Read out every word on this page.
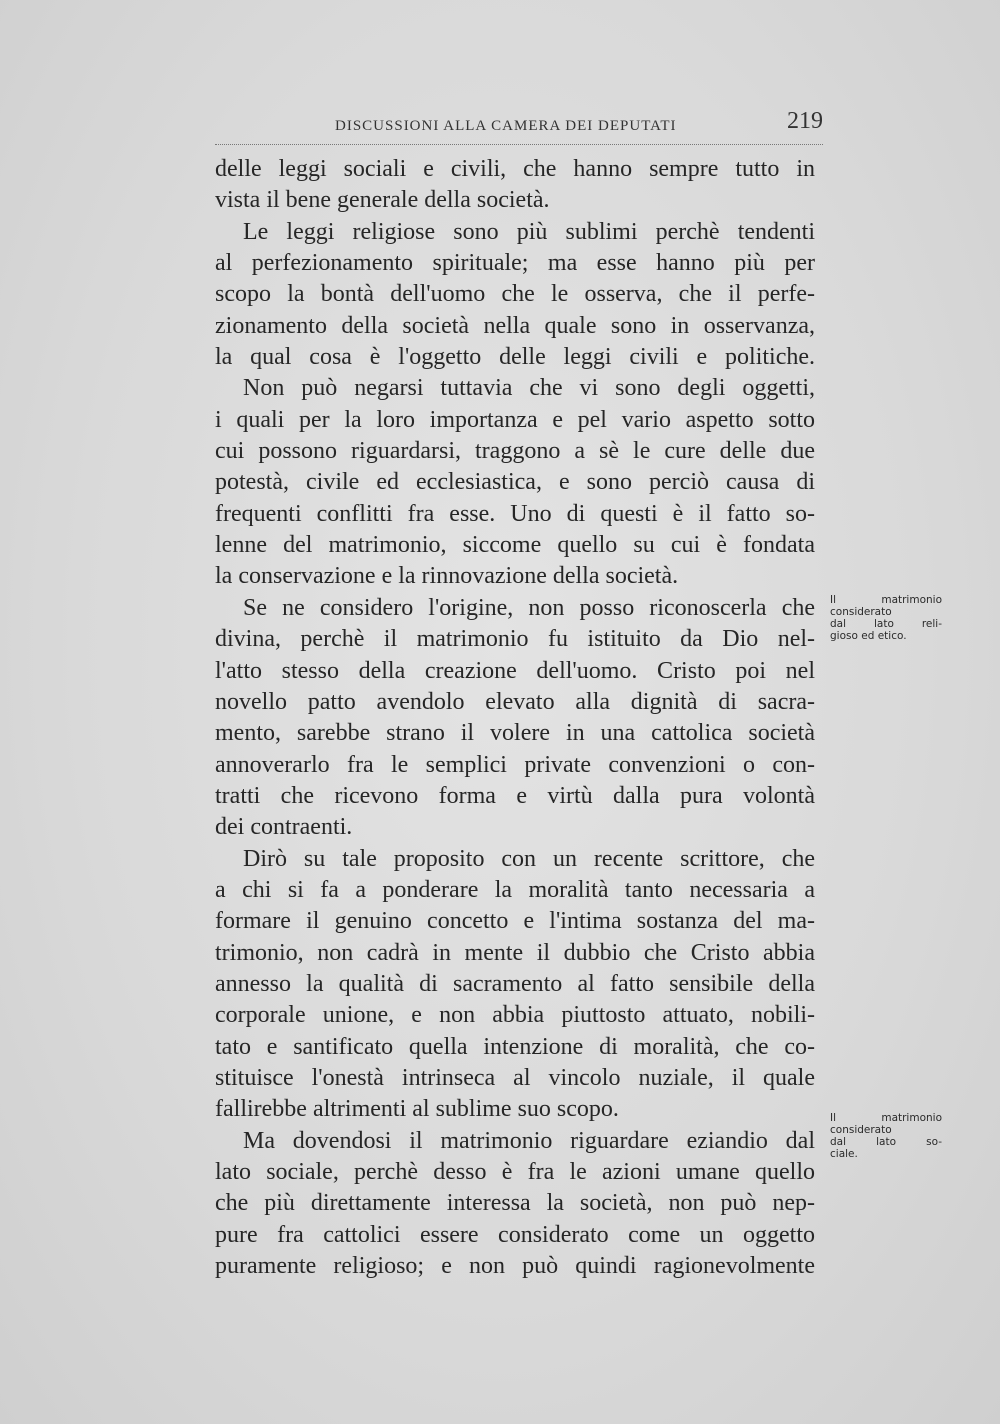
DISCUSSIONI ALLA CAMERA DEI DEPUTATI	219
delle leggi sociali e civili, che hanno sempre tutto in
vista il bene generale della società.
Le leggi religiose sono più sublimi perchè tendenti
al perfezionamento spirituale; ma esse hanno più per
scopo la bontà dell'uomo che le osserva, che il perfe-
zionamento della società nella quale sono in osservanza,
la qual cosa è l'oggetto delle leggi civili e politiche.
Non può negarsi tuttavia che vi sono degli oggetti,
i quali per la loro importanza e pel vario aspetto sotto
cui possono riguardarsi, traggono a sè le cure delle due
potestà, civile ed ecclesiastica, e sono perciò causa di
frequenti conflitti fra esse. Uno di questi è il fatto so-
lenne del matrimonio, siccome quello su cui è fondata
la conservazione e la rinnovazione della società.
Se ne considero l'origine, non posso riconoscerla che
divina, perchè il matrimonio fu istituito da Dio nel-
l'atto stesso della creazione dell'uomo. Cristo poi nel
novello patto avendolo elevato alla dignità di sacra-
mento, sarebbe strano il volere in una cattolica società
annoverarlo fra le semplici private convenzioni o con-
tratti che ricevono forma e virtù dalla pura volontà
dei contraenti.
Dirò su tale proposito con un recente scrittore, che
a chi si fa a ponderare la moralità tanto necessaria a
formare il genuino concetto e l'intima sostanza del ma-
trimonio, non cadrà in mente il dubbio che Cristo abbia
annesso la qualità di sacramento al fatto sensibile della
corporale unione, e non abbia piuttosto attuato, nobili-
tato e santificato quella intenzione di moralità, che co-
stituisce l'onestà intrinseca al vincolo nuziale, il quale
fallirebbe altrimenti al sublime suo scopo.
Ma dovendosi il matrimonio riguardare eziandio dal
lato sociale, perchè desso è fra le azioni umane quello
che più direttamente interessa la società, non può nep-
pure fra cattolici essere considerato come un oggetto
puramente religioso; e non può quindi ragionevolmente
Il matrimonio
considerato
dal lato reli-
gioso ed etico.
Il matrimonio
considerato
dal lato so-
ciale.
